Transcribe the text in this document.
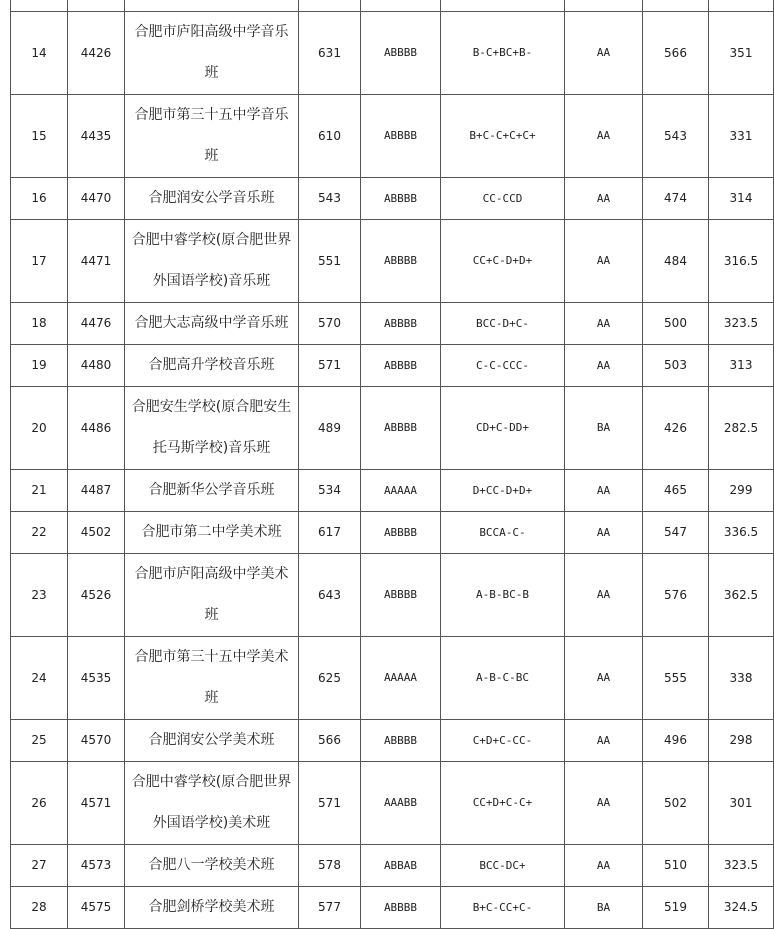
14	4426	合肥市庐阳高级中学音乐班	631	ABBBB	B-C+BC+B-	AA	566	351
15	4435	合肥市第三十五中学音乐班	610	ABBBB	B+C-C+C+C+	AA	543	331
16	4470	合肥润安公学音乐班	543	ABBBB	CC-CCD	AA	474	314
17	4471	合肥中睿学校(原合肥世界外国语学校)音乐班	551	ABBBB	CC+C-D+D+	AA	484	316.5
18	4476	合肥大志高级中学音乐班	570	ABBBB	BCC-D+C-	AA	500	323.5
19	4480	合肥高升学校音乐班	571	ABBBB	C-C-CCC-	AA	503	313
20	4486	合肥安生学校(原合肥安生托马斯学校)音乐班	489	ABBBB	CD+C-DD+	BA	426	282.5
21	4487	合肥新华公学音乐班	534	AAAAA	D+CC-D+D+	AA	465	299
22	4502	合肥市第二中学美术班	617	ABBBB	BCCA-C-	AA	547	336.5
23	4526	合肥市庐阳高级中学美术班	643	ABBBB	A-B-BC-B	AA	576	362.5
24	4535	合肥市第三十五中学美术班	625	AAAAA	A-B-C-BC	AA	555	338
25	4570	合肥润安公学美术班	566	ABBBB	C+D+C-CC-	AA	496	298
26	4571	合肥中睿学校(原合肥世界外国语学校)美术班	571	AAABB	CC+D+C-C+	AA	502	301
27	4573	合肥八一学校美术班	578	ABBAB	BCC-DC+	AA	510	323.5
28	4575	合肥剑桥学校美术班	577	ABBBB	B+C-CC+C-	BA	519	324.5
